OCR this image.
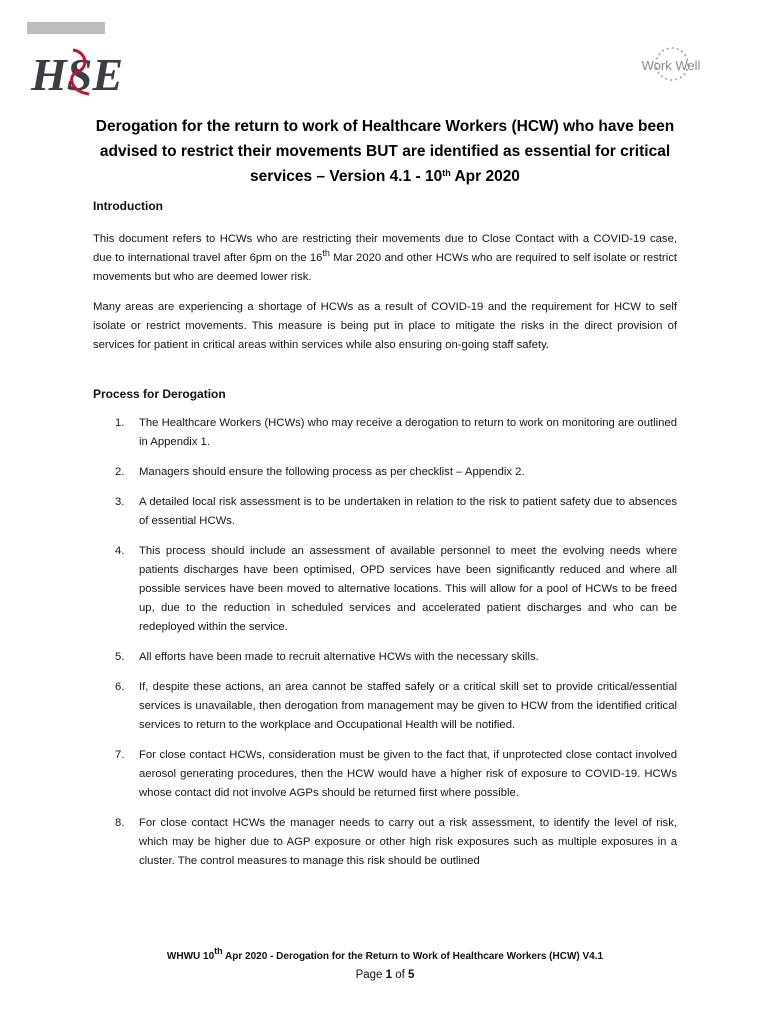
HSE	Work Well
Derogation for the return to work of Healthcare Workers (HCW) who have been advised to restrict their movements BUT are identified as essential for critical services – Version 4.1 - 10th Apr 2020

Introduction

This document refers to HCWs who are restricting their movements due to Close Contact with a COVID-19 case, due to international travel after 6pm on the 16th Mar 2020 and other HCWs who are required to self isolate or restrict movements but who are deemed lower risk.

Many areas are experiencing a shortage of HCWs as a result of COVID-19 and the requirement for HCW to self isolate or restrict movements. This measure is being put in place to mitigate the risks in the direct provision of services for patient in critical areas within services while also ensuring on-going staff safety.

Process for Derogation

1. The Healthcare Workers (HCWs) who may receive a derogation to return to work on monitoring are outlined in Appendix 1.
2. Managers should ensure the following process as per checklist – Appendix 2.
3. A detailed local risk assessment is to be undertaken in relation to the risk to patient safety due to absences of essential HCWs.
4. This process should include an assessment of available personnel to meet the evolving needs where patients discharges have been optimised, OPD services have been significantly reduced and where all possible services have been moved to alternative locations. This will allow for a pool of HCWs to be freed up, due to the reduction in scheduled services and accelerated patient discharges and who can be redeployed within the service.
5. All efforts have been made to recruit alternative HCWs with the necessary skills.
6. If, despite these actions, an area cannot be staffed safely or a critical skill set to provide critical/essential services is unavailable, then derogation from management may be given to HCW from the identified critical services to return to the workplace and Occupational Health will be notified.
7. For close contact HCWs, consideration must be given to the fact that, if unprotected close contact involved aerosol generating procedures, then the HCW would have a higher risk of exposure to COVID-19. HCWs whose contact did not involve AGPs should be returned first where possible.
8. For close contact HCWs the manager needs to carry out a risk assessment, to identify the level of risk, which may be higher due to AGP exposure or other high risk exposures such as multiple exposures in a cluster. The control measures to manage this risk should be outlined

WHWU 10th Apr 2020 - Derogation for the Return to Work of Healthcare Workers (HCW) V4.1

Page 1 of 5
